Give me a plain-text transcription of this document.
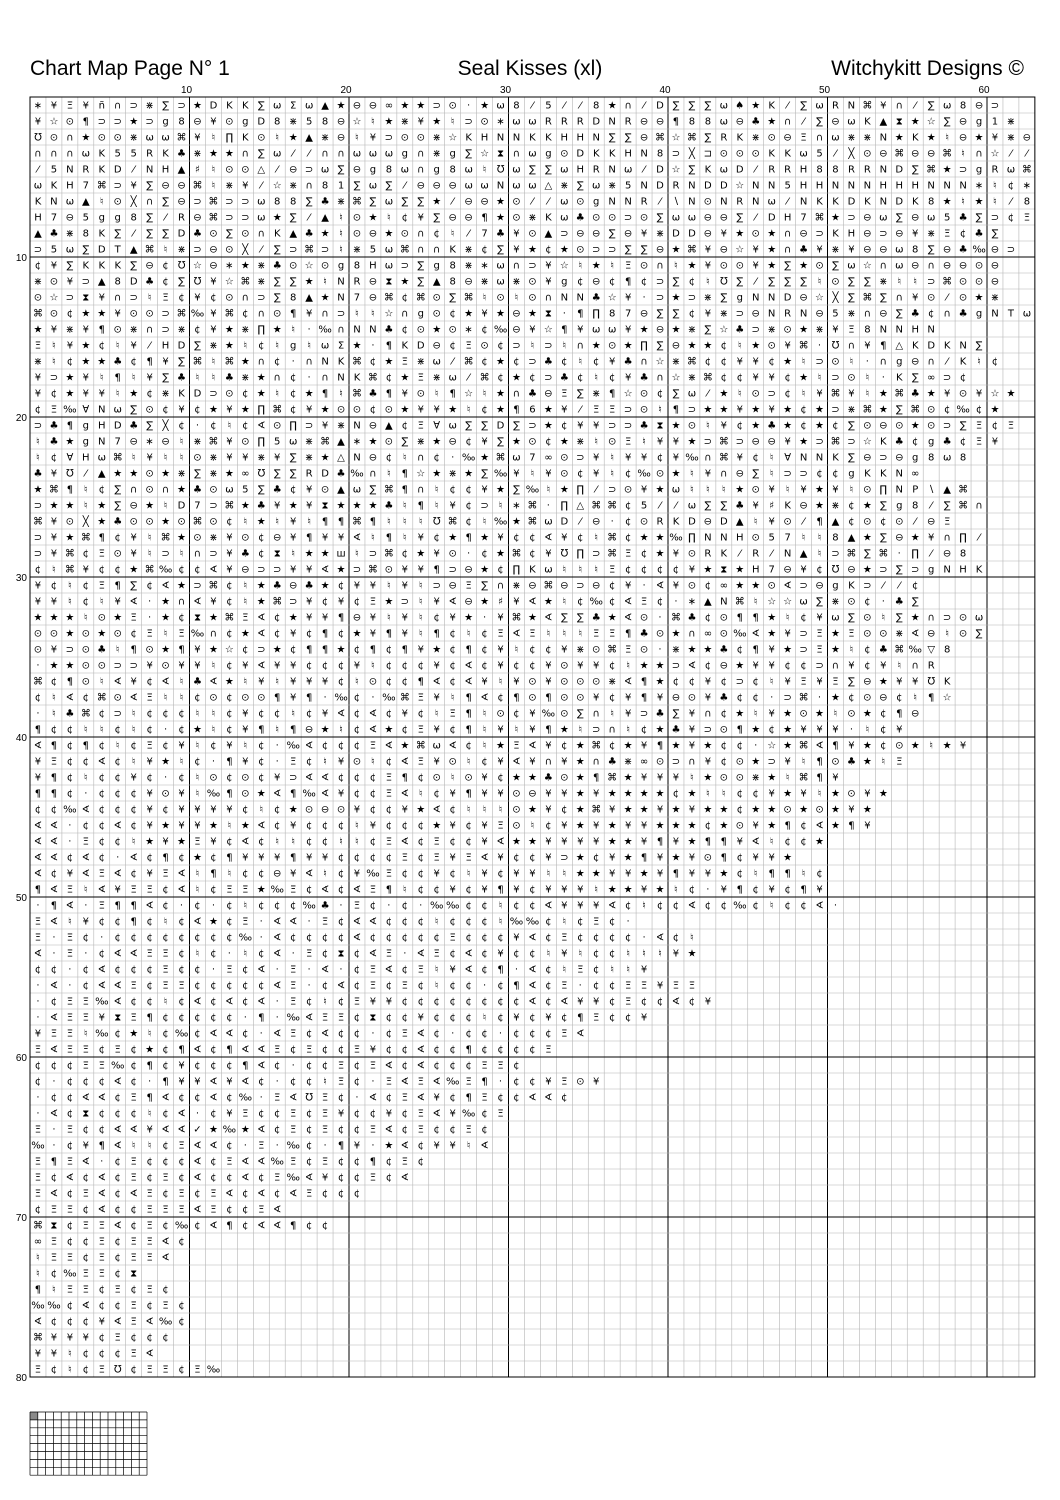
Chart Map Page N° 1	Seal Kisses (xl)	Witchykitt Designs ©
10	20	30	40	50	60
10
20
30
40
50
60
70
80
∗ ¥ Ξ ¥ ñ ∩ ⊃ ⋇ ∑ ⊃ ★ D K K ∑ ω Σ ω ▲ ★ ⊖ ⊖ ∞ ★ ★ ⊃ ⊙ · ★ ω 8 ⁄ 5 ⁄ ⁄ 8 ★ ∩ ⁄ D ∑ ∑ ∑ ω ♠ ★ K ⁄ ∑ ω R N ⌘ ¥ ∩ ⁄ ∑ ω 8 ⊖ ⊃
¥ ☆ ⊙ ¶ ⊃ ⊃ ★ ⊃ g 8 ⊖ ¥ ⊙ g D 8 ⋇ 5 8 ⊖ ☆ ♮ ★ ⋇ ¥ ★ ♮ ⊃ ⊙ ∗ ω ω R R R D N R ⊖ ⊖ ¶ 8 8 ω ⊖ ♣ ★ ∩ ⁄ ∑ ⊖ ω K ▲ ⧗ ★ ☆ ∑ ⊖ g 1 ⋇
℧ ⊙ ∩ ★ ⊙ ⊙ ⋇ ω ω ⌘ ¥ ♮ ∏ K ⊙ ♮ ★ ▲ ⋇ ⊖ ♮ ¥ ⊃ ⊙ ⊙ ⋇ ☆ K H N N K K H H N ∑ ∑ ⊖ ⌘ ☆ ⌘ ∑ R K ⋇ ⊙ ⊖ Ξ ∩ ω ⋇ ⋇ N ★ K ★ ♮ ⊖ ★ ¥ ⋇ ⊖
∩ ∩ ∩ ω K 5 5 R K ♣ ⋇ ★ ★ ∩ ∑ ω ⁄ ⁄ ∩ ∩ ω ω ω g ∩ ⋇ g ∑ ☆ ⧗ ∩ ω g ⊙ D K K H N 8 ⊃ ╳ ⊐ ⊙ ⊙ ⊙ K K ω 5 ⁄ ╳ ⊙ ⊖ ⌘ ⊖ ⊖ ⌘ ♮ ∩ ☆ ⁄ ⁄
⁄ 5 N R K D ⁄ N H ▲ ♯ ♮ ⊙ ⊙ △ ⁄ ⊖ ⊃ ω ∑ ⊖ g 8 ω ∩ g 8 ω ♮ ℧ ω ∑ ∑ ω H R N ω ⁄ D ☆ ∑ K ω D ⁄ R R H 8 8 R R N D ∑ ⌘ ★ ⊃ g R ω ⌘
ω K H 7 ⌘ ⊃ ¥ ∑ ⊖ ⊖ ⌘ ♮ ⋇ ¥ ⁄ ☆ ⋇ ∩ 8 1 ∑ ω ∑ ⁄ ⊖ ⊖ ⊖ ω ω N ω ω △ ⋇ ∑ ω ⋇ 5 N D R N D D ☆ N N 5 H H N N N H H H N N N ∗ ♮ ¢ ∗
K N ω ▲ ♮ ⊙ ╳ ∩ ∑ ⊖ ⊃ ⌘ ⊃ ⊃ ω 8 8 ∑ ♣ ⋇ ⌘ ∑ ω ∑ ∑ ★ ⁄ ⊖ ⊖ ★ ⊙ ⁄ ⁄ ω ⊙ g N N R ⁄ ∖ N ⊙ N R N ω ⁄ N K K D K N D K 8 ★ ♮ ★ ♮ ⁄ 8
H 7 ⊖ 5 g g 8 ∑ ⁄ R ⊖ ⌘ ⊃ ⊃ ω ★ ∑ ⁄ ▲ ♮ ⊙ ★ ♮ ¢ ¥ ∑ ⊖ ⊖ ¶ ★ ⊙ ⋇ K ω ♣ ⊙ ⊙ ⊃ ⊙ ∑ ω ω ⊖ ⊖ ∑ ⁄ D H 7 ⌘ ★ ⊃ ⊖ ω ∑ ⊖ ω 5 ♣ ∑ ⊃ ¢ Ξ
▲ ♣ ⋇ 8 K ∑ ⁄ ∑ ∑ D ♣ ⊙ ∑ ⊙ ∩ K ▲ ♣ ★ ♮ ⊙ ⊖ ★ ⊙ ∩ ¢ ♮ ⁄ 7 ♣ ¥ ⊙ ▲ ⊃ ⊖ ⊖ ∑ ⊖ ¥ ⋇ D D ⊖ ¥ ★ ⊙ ★ ∩ ⊖ ⊃ K H ⊖ ⊃ ⊖ ¥ ⋇ Ξ ¢ ♣ ∑
⊃ 5 ω ∑ D T ▲ ⌘ ♮ ⋇ ⊃ ⊖ ⊙ ╳ ⁄ ∑ ⊃ ⌘ ⊃ ♮ ⋇ 5 ω ⌘ ∩ ∩ K ⋇ ¢ ∑ ¥ ★ ¢ ★ ⊙ ⊃ ⊃ ∑ ∑ ⊖ ★ ⌘ ¥ ⊖ ☆ ¥ ★ ∩ ♣ ¥ ⋇ ¥ ⊖ ⊖ ω 8 ∑ ⊖ ♣ ‰ ⊖ ⊃
¢ ¥ ∑ K K K ∑ ⊖ ¢ ℧ ☆ ⊖ ∗ ★ ⋇ ♣ ⊙ ☆ ⊙ g 8 H ω ⊃ ∑ g 8 ⋇ ∗ ω ∩ ⊃ ¥ ☆ ♮ ★ ♮ Ξ ⊙ ∩ ♮ ★ ¥ ⊙ ⊙ ¥ ★ ∑ ★ ⊙ ∑ ω ☆ ∩ ω ⊖ ∩ ⊖ ⊖ ⊙ ⊖
⋇ ⊙ ¥ ⊃ ▲ 8 D ♣ ¢ ∑ ℧ ¥ ☆ ⌘ ⋇ ∑ ∑ ★ ♮ N R ⊖ ⧗ ★ ∑ ▲ 8 ⊖ ⋇ ω ⋇ ⊙ ¥ g ¢ ⊖ ¢ ¶ ¢ ⊃ ∑ ¢ ♮ ℧ ∑ ⁄ ∑ ∑ ∑ ♮ ⊙ ∑ ∑ ⋇ ♮ ♮ ⊃ ⌘ ⊙ ⊙ ⊖
⊙ ☆ ⊃ ⧗ ¥ ∩ ⊃ ♮ Ξ ¢ ¥ ¢ ⊙ ∩ ⊃ ∑ 8 ▲ ★ N 7 ⊖ ⌘ ¢ ⌘ ⊙ ∑ ⌘ ♮ ⊙ ♮ ⊙ ∩ N N ♣ ☆ ¥ · ⊃ ★ ⊃ ⋇ ∑ g N N D ⊖ ☆ ╳ ∑ ⌘ ∑ ∩ ¥ ⊙ ⁄ ⊙ ★ ⋇
⌘ ⊙ ¢ ★ ★ ¥ ⊙ ⊙ ⊃ ⌘ ‰ ¥ ⌘ ¢ ∩ ⊙ ¶ ¥ ∩ ⊃ ♮ ♮ ☆ ∩ g ⊙ ¢ ★ ¥ ★ ⊖ ★ ⧗ · ¶ ∏ 8 7 ⊖ ∑ ∑ ¢ ¥ ⋇ ⊃ ⊖ N R N ⊖ 5 ⋇ ∩ ⊖ ∑ ♣ ¢ ∩ ♣ g N T ω
★ ¥ ⋇ ¥ ¶ ⊙ ⋇ ∩ ⊃ ⋇ ¢ ¥ ★ ⋇ ∏ ★ ♮ · ‰ ∩ N N ♣ ¢ ⊙ ★ ⊙ ∗ ¢ ‰ ⊖ ¥ ☆ ¶ ¥ ω ω ¥ ★ ⊖ ★ ⋇ ∑ ☆ ♣ ⊃ ⋇ ⊙ ★ ⋇ ¥ Ξ 8 N N H N
Ξ ♮ ¥ ★ ¢ ♮ ¥ ⁄ H D ∑ ⋇ ★ ♮ ¢ ♮ g ♮ ω Σ ★ · ¶ K D ⊖ ¢ Ξ ⊙ ¢ ⊃ ♮ ⊃ ♮ ∩ ★ ⊙ ★ ∏ ∑ ⊖ ★ ★ ¢ ♮ ★ ⊙ ¥ ⌘ · ℧ ∩ ¥ ¶ △ K D K N ∑
⋇ ♮ ¢ ★ ★ ♣ ¢ ¶ ¥ ∑ ⌘ ♮ ⌘ ★ ∩ ¢ · ∩ N K ⌘ ¢ ★ Ξ ⋇ ω ⁄ ⌘ ¢ ★ ¢ ⊃ ♣ ¢ ♮ ¢ ¥ ♣ ∩ ☆ ⋇ ⌘ ¢ ¢ ¥ ¥ ¢ ★ ♮ ⊃ ⊙ ♮ · ∩ g ⊖ ∩ ⁄ K ♮ ¢
¥ ⊃ ★ ¥ ♮ ¶ ♮ ¥ ∑ ♣ ♮ ♮ ♣ ⋇ ★ ∩ ¢ · ∩ N K ⌘ ¢ ★ Ξ ⋇ ω ⁄ ⌘ ¢ ★ ¢ ⊃ ♣ ¢ ♮ ¢ ¥ ♣ ∩ ☆ ⋇ ⌘ ¢ ¢ ¥ ¥ ¢ ★ ♮ ⊃ ⊙ ♮ · K ∑ ∞ ⊃ ¢
¥ ¢ ★ ¥ ¥ ♮ ★ ¢ ⋇ K D ⊃ ⊙ ¢ ★ ♮ ¢ ★ ¶ ♮ ⌘ ♣ ¶ ¥ ⊙ ♮ ¶ ☆ ♮ ★ ∩ ♣ ⊖ Ξ ∑ ⋇ ¶ ☆ ⊙ ¢ ∑ ω ⁄ ★ ♮ ⊙ ⊃ ¢ ♮ ¥ ⌘ ¥ ♮ ★ ⌘ ♣ ★ ¥ ⊙ ¥ ☆ ★
¢ Ξ ‰ ∀ N ω ∑ ⊙ ¢ ¥ ¢ ★ ¥ ★ ∏ ⌘ ¢ ¥ ★ ⊙ ⊙ ¢ ⊙ ★ ¥ ¥ ★ ♮ ¢ ★ ¶ 6 ★ ¥ ⁄ Ξ Ξ ⊃ ⊙ ♮ ¶ ⊃ ★ ★ ¥ ★ ¥ ★ ¢ ★ ⊃ ⋇ ⌘ ★ ∑ ⌘ ⊙ ¢ ‰ ¢ ★
⊃ ♣ ¶ g H D ♣ ∑ ╳ ¢ · ¢ ♮ ¢ ∢ ⊙ ∏ ⊃ ¥ ⋇ N ⊖ ▲ ¢ Ξ ∀ ω ∑ ∑ D ∑ ⊃ ★ ¢ ¥ ¥ ⊃ ⊃ ♣ ⧗ ★ ⊙ ♮ ¥ ¢ ★ ♣ ★ ¢ ★ ¢ ∑ ⊙ ⊖ ⊙ ★ ⊙ ⊃ ∑ Ξ ¢ Ξ
♮ ♣ ★ g N 7 ⊖ ∗ ⊖ ♮ ⋇ ⌘ ¥ ⊙ ∏ 5 ω ⋇ ⌘ ▲ ∗ ★ ⊙ ∑ ⋇ ★ ⊖ ¢ ¥ ∑ ★ ⊙ ¢ ★ ⋇ ♮ ⊙ Ξ ♮ ¥ ¥ ★ ⊃ ⌘ ⊃ ⊖ ⊖ ¥ ★ ⊃ ⌘ ⊃ ☆ K ♣ ¢ g ♣ ¢ Ξ ¥
♮ ¢ ∀ H ω ⌘ ♮ ¥ ♮ ♮ ⊙ ⋇ ¥ ¥ ⋇ ¥ ∑ ⋇ ★ △ N ⊖ ¢ ♮ ∩ ¢ · ‰ ★ ⌘ ω 7 ∞ ⊙ ⊃ ¥ ♮ ¥ ¥ ¢ ¥ ‰ ∩ ⌘ ¥ ¢ ♮ ∀ N N K ∑ ⊖ ⊃ ⊖ g 8 ω 8
♣ ¥ ℧ ⁄ ▲ ★ ★ ⊙ ★ ⋇ ∑ ⋇ ★ ∞ ℧ ∑ ∑ R D ♣ ‰ ∩ ♮ ¶ ☆ ★ ⋇ ★ ∑ ‰ ¥ ♮ ¥ ⊙ ¢ ¥ ♮ ¢ ‰ ⊙ ★ ♮ ¥ ∩ ⊖ ∑ ♮ ⊃ ⊃ ¢ ¢ g K K N ∞
★ ⌘ ¶ ♮ ¢ ∑ ∩ ⊙ ∩ ★ ♣ ⊙ ω 5 ∑ ♣ ¢ ¥ ⊙ ▲ ω ∑ ⌘ ¶ ∩ ♮ ¢ ¢ ¥ ★ ∑ ‰ ♮ ★ ∏ ⁄ ⊃ ⊙ ¥ ★ ω ♮ ♮ ♮ ★ ⊙ ¥ ♮ ¥ ★ ¥ ♮ ⊙ ∏ N P ∖ ▲ ⌘
⊃ ★ ★ ♮ ★ ∑ ⊖ ★ ♮ D 7 ⊃ ⌘ ★ ♣ ¥ ★ ¥ ⧗ ★ ★ ★ ♣ ♮ ¶ ♮ ¥ ¢ ⊃ ♮ ∗ ⌘ · ∏ △ ⌘ ⌘ ¢ 5 ⁄ ⁄ ω ∑ ∑ ♣ ¥ ♯ K ⊖ ★ ⋇ ¢ ★ ∑ g 8 ⁄ ∑ ⌘ ∩
⌘ ¥ ⊙ ╳ ★ ♣ ⊙ ⊙ ★ ⊙ ⌘ ⊙ ¢ ♮ ★ ♮ ¥ ♮ ¶ ¶ ⌘ ¶ ♮ ♮ ♮ ℧ ⌘ ¢ ♮ ‰ ★ ⌘ ω D ⁄ ⊖ · ¢ ⊙ R K D ⊖ D ▲ ♮ ¥ ⊙ ⁄ ¶ ▲ ¢ ⊙ ¢ ⊙ ⁄ ⊖ Ξ
⊃ ¥ ★ ⌘ ¶ ¢ ¥ ♮ ⌘ ★ ⊙ ⋇ ¥ ⊙ ¢ ⊖ ¥ ¶ ¥ ¥ ∢ ♮ ¶ ♮ ¥ ¢ ★ ¶ ★ ¥ ¢ ¢ ∢ ¥ ¢ ♮ ⌘ ¢ ★ ★ ‰ ∏ N N H ⊙ 5 7 ♮ ♮ 8 ▲ ★ ∑ ⊖ ★ ¥ ∩ ∏ ⁄
⊃ ¥ ⌘ ¢ Ξ ⊙ ¥ ♮ ⊃ ♮ ∩ ⊃ ¥ ♣ ¢ ⧗ ♮ ★ ★ ш ♮ ⊃ ⌘ ¢ ★ ¥ ⊙ · ¢ ★ ⌘ ¢ ¥ ℧ ∏ ⊃ ⌘ Ξ ¢ ★ ¥ ⊙ R K ⁄ R ⁄ N ▲ ♮ ⊃ ⌘ ∑ ⌘ · ∏ ⁄ ⊖ 8
¢ ♮ ⌘ ¥ ¢ ¢ ★ ⌘ ‰ ¢ ¢ ∢ ¥ ⊖ ⊃ ⊃ ¥ ¥ ∢ ★ ⊃ ⌘ ⊙ ¥ ¥ ¶ ⊃ ⊖ ★ ¢ ∏ K ω ♮ ♮ ♮ Ξ ¢ ¢ ¢ ¢ ¥ ★ ⧗ ★ H 7 ⊖ ¥ ¢ ℧ ⊖ ★ ⊃ ∑ ⊃ g N H K
¥ ¢ ♮ ¢ Ξ ¶ ∑ ¢ ∢ ★ ⊃ ⌘ ¢ ♮ ★ ♣ ⊖ ♣ ★ ¢ ¥ ¥ ♮ ¥ ♮ ⊃ ⊖ Ξ ∑ ∩ ⋇ ⊖ ⌘ ⊖ ⊃ ⊖ ¢ ¥ · ∢ ¥ ⊙ ¢ ∞ ★ ★ ⊙ ∢ ⊃ ⊖ g K ⊃ ⁄ ⁄ ¢
¥ ¥ ♮ ¢ ♮ ¥ ∢ · ★ ∩ ∢ ¥ ¢ ♮ ★ ⌘ ⊃ ¥ ¢ ¥ ¢ Ξ ★ ⊃ ♮ ¥ ∢ ⊖ ★ ♯ ¥ ∢ ★ ♮ ¢ ‰ ¢ ∢ Ξ ¢ · ∗ ▲ N ⌘ ♮ ☆ ☆ ω ∑ ⋇ ⊙ ¢ · ♣ ∑
★ ★ ★ ♮ ⊙ ★ Ξ · ★ ¢ ⧗ ★ ⌘ Ξ ∢ ¢ ★ ¥ ¥ ¶ ⊖ ¥ ♮ ¥ ♮ ¢ ¥ ★ · ¥ ⌘ ★ ∢ ∑ ∑ ♣ ★ ∢ ⊙ · ⌘ ♣ ¢ ⊙ ¶ ¶ ★ ♮ ¢ ¥ ω ∑ ⊙ ♮ ∑ ★ ∩ ⊃ ⊙ ω
⊙ ⊙ ★ ⊙ ★ ⊙ ¢ Ξ ♮ Ξ ‰ ∩ ¢ ★ ∢ ¢ ¥ ¢ ¶ ¢ ★ ¥ ¶ ¥ ♮ ¶ ¢ ♮ ¢ Ξ ∢ Ξ ♮ ♮ ♮ Ξ Ξ ¶ ♣ ⊙ ★ ∩ ∞ ⊙ ‰ ∢ ★ ¥ ⊃ Ξ ★ Ξ ⊙ ⊙ ⋇ ∢ ⊖ ♮ ⊙ ∑
⊙ ¥ ⊃ ⊙ ♣ ♮ ¶ ⊙ ★ ¶ ¥ ★ ☆ ¢ ⊃ ★ ¢ ¶ ¶ ★ ¢ ¶ ¢ ¶ ¥ ★ ¢ ¶ ¢ ¥ ♮ ¢ ¢ ¥ ⋇ ⊙ ⌘ Ξ ⊙ · ⋇ ★ ★ ♣ ¢ ¶ ¥ ★ ⊃ Ξ ★ ♮ ¢ ♣ ⌘ ‰ ▽ 8
· ★ ★ ⊙ ⊙ ⊃ ⊃ ¥ ⊙ ¥ ¥ ♮ ¢ ¥ ∢ ¥ ¥ ¢ ¢ ¢ ¥ ♮ ¢ ¢ ¢ ¥ ¢ ∢ ¢ ¥ ¢ ¢ ¥ ⊙ ¥ ¥ ¢ ♮ ★ ★ ⊃ ∢ ¢ ⊖ ★ ¥ ¥ ¢ ¢ ⊃ ∩ ¥ ¢ ¥ ♮ ∩ R
⌘ ¢ ¶ ⊙ ♮ ∢ ¥ ¢ ∢ ♮ ♣ ∢ ★ ♮ ¥ ♮ ¥ ¥ ¥ ¢ ♮ ⊙ ¢ ¢ ¶ ∢ ¢ ∢ ¥ ♮ ¥ ⊙ ¥ ⊙ ⊙ ⊙ ⋇ ∢ ¶ ★ ¢ ¢ ¥ ¢ ⊃ ¢ ♮ ¥ Ξ ¥ Ξ ∑ ⊖ ★ ¥ ¥ ℧ K
¢ ♮ ∢ ¢ ⌘ ⊙ ∢ Ξ ♮ ♮ ¢ ⊙ ¢ ⊙ ⊙ ¶ ¥ ¶ · ‰ ¢ · ‰ ⌘ Ξ ¥ ♮ ¶ ∢ ¢ ¶ ⊙ ¶ ⊙ ⊙ ¥ ¢ ¥ ¶ ¥ ⊖ ⊙ ¥ ♣ ¢ ¢ · ⊃ ⌘ · ★ ¢ ⊙ ⊖ ¢ ♮ ¶ ☆
· ♮ ♣ ⌘ ¢ ⊃ ♮ ¢ ¢ ¢ ♮ ♮ ¢ ¥ ¢ ¢ ♮ ¢ ¥ ∢ ¢ ∢ ¢ ¥ ¢ ♮ Ξ ¶ ♮ ⊙ ¢ ¥ ‰ ⊙ ∑ ∩ ♮ ¥ ⊃ ♣ ∑ ¥ ∩ ¢ ★ ♮ ¥ ★ ⊙ ★ ♮ ⊙ ★ ¢ ¶ ⊖
¶ ¢ ¢ ♮ ♮ ¢ ♮ ¢ · ¢ ★ ♮ ¢ ¥ ¶ ♮ ¶ ⊖ ★ ♮ ¢ ∢ ★ ¢ Ξ ¥ ¢ ¶ ♮ ¥ ♮ ¥ ¶ ★ ♮ ⊃ ∩ ♮ ¢ ★ ♣ ¥ ⊃ ⊙ ¶ ★ ¢ ★ ¥ ¥ ¥ · ♮ ¢ ¥
∢ ¶ ¢ ¶ ¢ ♮ ¢ Ξ ¢ ¥ ♮ ¢ ¥ ♮ ¢ · ‰ ∢ ¢ ¢ ¢ Ξ ∢ ★ ⌘ ω ∢ ¢ ♮ ★ Ξ ∢ ¥ ¢ ★ ⌘ ¢ ★ ¥ ¶ ★ ¥ ★ ¢ ¢ · ☆ ★ ⌘ ∢ ¶ ¥ ★ ¢ ⊙ ★ ♮ ★ ¥
¥ Ξ ¢ ¢ ∢ ¢ ♮ ¥ ★ ♮ ¢ · ¶ ¥ ¢ · Ξ ¢ ♮ ¥ ⊙ ♮ ¢ ∢ Ξ ¥ ⊙ ♮ ¢ ¥ ∢ ¥ ∩ ¥ ★ ∩ ♣ ⋇ ∞ ⊙ ⊃ ∩ ¥ ¢ ⊙ ★ ⊃ ¥ ♮ ¶ ⊙ ♣ ★ ♮ Ξ
¥ ¶ ¢ ♮ ¢ ¢ ¥ ¢ · ¢ ♮ ⊙ ¢ ⊙ ¢ ¥ ⊃ ∢ ∢ ¢ ¢ ¢ Ξ ¶ ¢ ⊙ ♮ ⊙ ¥ ¢ ★ ★ ♣ ⊙ ★ ¶ ⌘ ★ ¥ ¥ ¥ ♮ ★ ⊙ ⊙ ⋇ ★ ♮ ⌘ ¶ ¥
¶ ¶ ¢ · ¢ ¢ ¢ ¥ ⊙ ¥ ♮ ‰ ¶ ⊙ ★ ∢ ¶ ‰ ∢ ¥ ¢ ¢ Ξ ∢ ♮ ¢ ¥ ¶ ¥ ¥ ⊙ ⊖ ¥ ¥ ★ ¥ ★ ★ ★ ★ ¢ ★ ♮ ♮ ¢ ¢ ¥ ★ ¥ ♮ ★ ⊙ ¥ ★
¢ ¢ ‰ ∢ ¢ ¢ ¢ ¥ ¢ ¥ ¥ ¥ ¥ ¢ ♮ ¢ ★ ⊙ ⊖ ⊙ ¥ ¢ ¢ ¥ ★ ∢ ¢ ♮ ♮ ♮ ⊙ ★ ¥ ¢ ★ ⌘ ¥ ★ ★ ¥ ★ ¥ ★ ★ ¢ ★ ★ ⊙ ★ ⊙ ★ ¥ ★
∢ ∢ · ¢ ¢ ∢ ¢ ¥ ★ ¥ ¥ ★ ♮ ★ ∢ ¢ ¥ ¢ ¢ ¢ ♮ ¥ ¢ ¢ ¢ ★ ¥ ¢ ¥ Ξ ⊙ ♮ ¢ ¥ ★ ¥ ★ ¥ ¥ ★ ★ ★ ¢ ★ ⊙ ¥ ★ ¶ ¢ ∢ ★ ¶ ¥
∢ ∢ · Ξ ¢ ¢ ♮ ★ ¥ ★ Ξ ¥ ¢ ∢ ¢ ♮ ♮ ¢ ¢ ♮ ♮ ¢ Ξ ∢ ¢ Ξ ¢ ¢ ¥ ∢ ★ ★ ¥ ¥ ¥ ¥ ★ ★ ¥ ¶ ¥ ★ ¶ ¶ ¥ ∢ ♮ ¢ ¢ ★
∢ ∢ ¢ ∢ ¢ · ∢ ¢ ¶ ¢ ★ ¢ ¶ ¥ ¥ ¥ ¶ ¥ ¥ ¢ ¢ ¢ ¢ Ξ ¢ Ξ ¥ Ξ ∢ ¥ ¢ ¢ ¥ ⊃ ★ ¢ ¥ ★ ¶ ¥ ★ ¥ ⊙ ¶ ¢ ¥ ¥ ★
∢ ¢ ¥ ∢ Ξ ∢ ¢ ¥ Ξ ∢ ♮ ¶ ♮ ¢ ¢ ⊖ ¥ ∢ ♮ ¢ ¥ ‰ Ξ ¢ ¢ ¥ ¢ ♮ ¥ ¢ ¥ ¥ ♮ ♮ ★ ★ ¥ ¥ ★ ¥ ¶ ¥ ¥ ★ ¢ ♮ ¶ ¶ ♮ ¢
¶ ∢ Ξ ♮ ∢ ¥ Ξ Ξ ¢ ∢ ♮ ¢ Ξ Ξ ★ ‰ Ξ ¢ ∢ ¢ ∢ Ξ ¶ ♮ ¢ ¢ ¥ ¢ ¥ ¶ ¥ ¢ ¥ ¥ ¥ ♮ ★ ★ ¥ ★ ♮ ¢ · ¥ ¶ ¢ ¥ ¢ ¶ ¥
· ¶ ∢ · Ξ ¶ ¶ ∢ ¢ · ¢ · ¢ ♮ ¢ ¢ ¢ ‰ ♣ · Ξ ¢ · ¢ · ‰ ‰ ¢ ¢ ♮ ¢ ¢ ∢ ¥ ¥ ¥ ∢ ¢ ♮ ¢ ¢ ∢ ¢ ¢ ‰ ¢ ♮ ¢ ¢ ∢ ·
Ξ ∢ ♮ ¥ ¢ ¢ ¶ ¢ ♮ ¢ ∢ ★ ¢ Ξ · ∢ ∢ · Ξ ¢ ∢ ∢ ¢ ¢ ¢ ♮ ¢ ¢ ¢ ♮ ‰ ‰ ¢ ♮ ¢ Ξ ¢ ·
Ξ · Ξ ¢ · ¢ ¢ ¢ ¢ ¢ ¢ ¢ ¢ ‰ · ∢ ¢ ¢ ¢ ¢ ∢ ¢ ¢ ¢ ¢ ¢ Ξ ¢ ¢ ¢ ¥ ∢ ¢ Ξ ¢ ¢ ¢ ¢ · ∢ ¢ ♮
∢ · Ξ · ¢ ∢ ∢ Ξ Ξ ¢ ♮ ¢ · ♮ ¢ ∢ · Ξ ¢ ⧗ ¢ ∢ Ξ · ∢ Ξ ¢ ∢ ¢ ¥ ¢ ¢ ♮ ¥ ♮ ¢ ¢ ♮ ♮ ♮ ¥ ★
¢ ¢ · ¢ ∢ ¢ ¢ ¢ Ξ ¢ ¢ · Ξ ¢ ∢ · Ξ · ∢ · ¢ Ξ ∢ ¢ Ξ ♮ ¥ ∢ ¢ ¶ · ∢ ¢ ♮ Ξ ¢ ♮ ♮ ¥
· ∢ · ¢ ∢ ∢ Ξ ¢ Ξ Ξ ¢ ¢ ¢ ¢ ¢ ∢ Ξ · ¢ ∢ ¢ Ξ ¢ Ξ ¢ ♮ ¢ ¢ · ¢ ¶ ∢ ¢ Ξ · ¢ ¢ Ξ Ξ ¥ Ξ Ξ
· ¢ Ξ Ξ ‰ ∢ ¢ ¢ ♮ ¢ ∢ ¢ ∢ ¢ ∢ · Ξ ¢ ♮ ¢ Ξ ¥ ¥ ¢ ¢ ¢ ¢ ¢ ¢ ¢ ¢ ∢ ¢ ∢ ¥ ¥ ¢ Ξ ¢ ¢ ∢ ¢ ¥
· ∢ Ξ Ξ ¥ ⧗ Ξ ¶ ¢ ¢ ¢ ¢ ¢ · ¶ · ‰ ∢ Ξ Ξ ¢ ⧗ ¢ ¢ ¥ ¢ ¢ ¢ ♮ ¢ ¥ ¢ ¥ ¢ ¶ Ξ ¢ ¢ ¥
¥ Ξ Ξ ♮ ‰ ¢ ★ ♮ ¢ ‰ ¢ ∢ ∢ ¢ · ∢ Ξ ¢ ∢ ¢ ¢ · ¢ Ξ ∢ ¢ · ¢ ¢ · ¢ ¢ ¢ Ξ ∢
Ξ ∢ Ξ Ξ ¢ Ξ ¢ ★ ¢ ¶ ∢ ¢ ¶ ∢ ∢ Ξ ¢ Ξ ¢ ¢ Ξ ¥ ¢ ¢ ∢ ¢ ¢ ¶ ¢ ¢ ¢ ¢ Ξ
¢ ¢ ¢ Ξ Ξ ‰ ¢ ¶ ¢ ¥ ¢ ¢ ¢ ¶ ∢ ¢ · ¢ ¢ Ξ ¢ Ξ ∢ ¢ ∢ ¢ ¢ ¢ Ξ Ξ ¢
¢ · ¢ ¢ ¢ ∢ ¢ · ¶ ¥ ¥ ∢ ¥ ∢ ¢ · ¢ ¢ ♮ Ξ ¢ · Ξ ∢ Ξ ∢ ‰ Ξ ¶ · ¢ ¢ ¥ Ξ ⊙ ¥
· ¢ ¢ ∢ ∢ ¢ Ξ ¶ ∢ ¢ ¢ ∢ ¢ ‰ · Ξ ∢ ℧ Ξ ¢ · ∢ ¢ Ξ ∢ ¥ ¢ ¶ Ξ ¢ ¢ ∢ ∢ ¢
· ∢ ¢ ⧗ ¢ ¢ ¢ ♮ ¢ ∢ · ¢ ¥ Ξ ¢ ¢ Ξ ¢ Ξ ¥ ¢ ¢ ¥ ¢ Ξ ∢ ¥ ‰ ¢ Ξ
Ξ · Ξ ¢ ¢ ∢ ∢ ¥ ∢ ∢ ✓ ★ ‰ ★ ∢ ¢ Ξ ¢ Ξ ¢ ¢ Ξ ∢ ¢ Ξ ¢ ¢ Ξ ¢
‰ · ¢ ¥ ¶ ∢ ♮ ♮ ¢ Ξ ∢ ∢ ¢ · Ξ · ‰ ¢ · ¶ ¥ · ★ ∢ ¢ ¥ ¥ ♮ ∢
Ξ ¶ Ξ ∢ · ¢ Ξ ¢ ¢ ¢ ∢ ¢ Ξ ∢ ∢ ‰ Ξ ¢ Ξ ¢ ¢ ¶ ¢ Ξ ¢
Ξ ¢ ∢ ¢ ∢ ¢ Ξ ¢ Ξ ¢ ∢ ¢ ¢ ∢ ¢ Ξ ‰ ∢ ¥ ¢ ¢ Ξ ¢ ∢
Ξ ∢ ¢ Ξ ∢ ¢ ∢ Ξ ¢ Ξ ¢ Ξ ∢ ¢ ∢ ¢ ∢ Ξ ¢ ¢ ¢
¢ Ξ Ξ ¢ ∢ ¢ ¢ Ξ Ξ Ξ ∢ Ξ ¢ ¢ Ξ ∢
⌘ ⧗ ¢ Ξ Ξ ∢ ¢ Ξ ¢ ‰ ¢ ∢ ¶ ¢ ∢ ∢ ¶ ¢ ¢
∞ Ξ ¢ ¢ Ξ ¢ Ξ Ξ ∢ ¢
♮ Ξ Ξ ¢ Ξ ¢ Ξ Ξ ∢
♮ ¢ ‰ Ξ Ξ ¢ ⧗
¶ ♮ Ξ Ξ ¢ Ξ ¢ Ξ ¢
‰ ‰ ¢ ∢ ¢ ¢ Ξ ¢ Ξ ¢
∢ ¢ ¢ ¢ ¥ ∢ Ξ ∢ ‰ ¢
⌘ ¥ ¥ ¥ ¢ Ξ ¢ ¢ ¢
¥ ¥ ♮ ¢ ¢ ¢ Ξ ∢
Ξ ¢ ♮ ¢ Ξ ℧ ¢ Ξ Ξ ¢ Ξ ‰
